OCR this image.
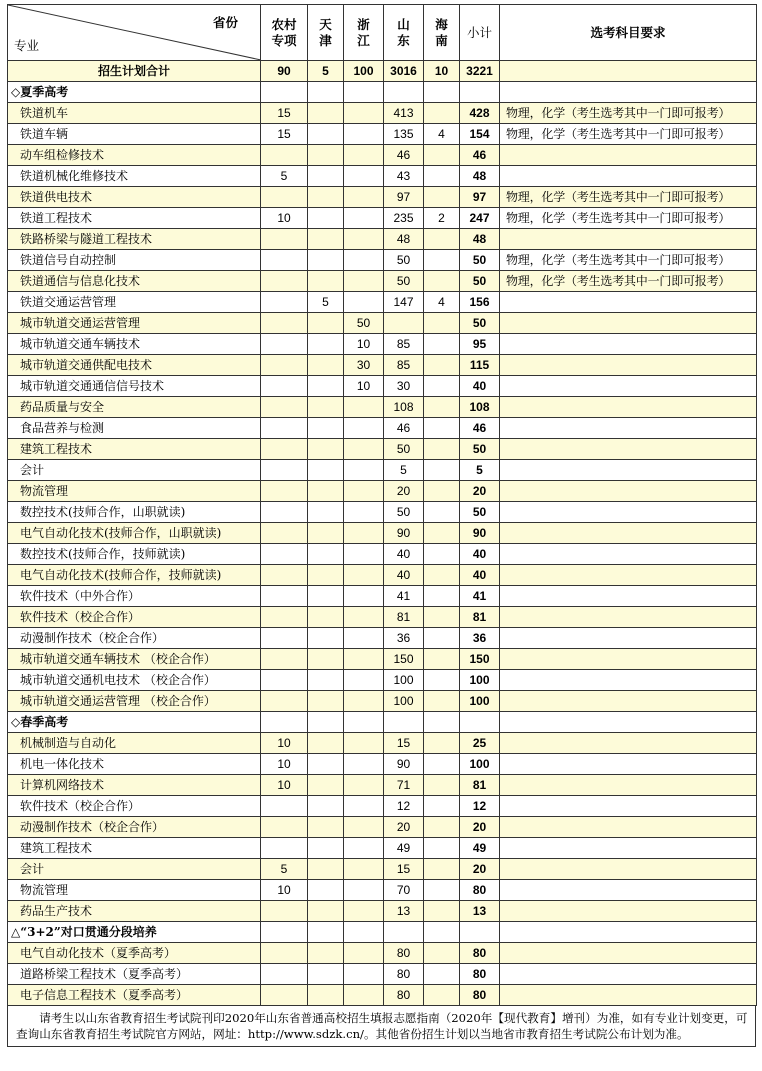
省份
专业	农村专项	天津	浙江	山东	海南	小计	选考科目要求
招生计划合计	90	5	100	3016	10	3221	
◇夏季高考							
铁道机车	15			413		428	物理，化学（考生选考其中一门即可报考）
铁道车辆	15			135	4	154	物理，化学（考生选考其中一门即可报考）
动车组检修技术				46		46	
铁道机械化维修技术	5			43		48	
铁道供电技术				97		97	物理，化学（考生选考其中一门即可报考）
铁道工程技术	10			235	2	247	物理，化学（考生选考其中一门即可报考）
铁路桥梁与隧道工程技术				48		48	
铁道信号自动控制				50		50	物理，化学（考生选考其中一门即可报考）
铁道通信与信息化技术				50		50	物理，化学（考生选考其中一门即可报考）
铁道交通运营管理		5		147	4	156	
城市轨道交通运营管理			50			50	
城市轨道交通车辆技术			10	85		95	
城市轨道交通供配电技术			30	85		115	
城市轨道交通通信信号技术			10	30		40	
药品质量与安全				108		108	
食品营养与检测				46		46	
建筑工程技术				50		50	
会计				5		5	
物流管理				20		20	
数控技术(技师合作，山职就读)				50		50	
电气自动化技术(技师合作，山职就读)				90		90	
数控技术(技师合作，技师就读)				40		40	
电气自动化技术(技师合作，技师就读)				40		40	
软件技术（中外合作）				41		41	
软件技术（校企合作）				81		81	
动漫制作技术（校企合作）				36		36	
城市轨道交通车辆技术 （校企合作）				150		150	
城市轨道交通机电技术 （校企合作）				100		100	
城市轨道交通运营管理 （校企合作）				100		100	
◇春季高考							
机械制造与自动化	10			15		25	
机电一体化技术	10			90		100	
计算机网络技术	10			71		81	
软件技术（校企合作）				12		12	
动漫制作技术（校企合作）				20		20	
建筑工程技术				49		49	
会计	5			15		20	
物流管理	10			70		80	
药品生产技术				13		13	
△“3+2”对口贯通分段培养							
电气自动化技术（夏季高考）				80		80	
道路桥梁工程技术（夏季高考）				80		80	
电子信息工程技术（夏季高考）				80		80	
请考生以山东省教育招生考试院刊印2020年山东省普通高校招生填报志愿指南（2020年【现代教育】增刊）为准，如有专业计划变更，可查询山东省教育招生考试院官方网站，网址：http://www.sdzk.cn/。其他省份招生计划以当地省市教育招生考试院公布计划为准。
